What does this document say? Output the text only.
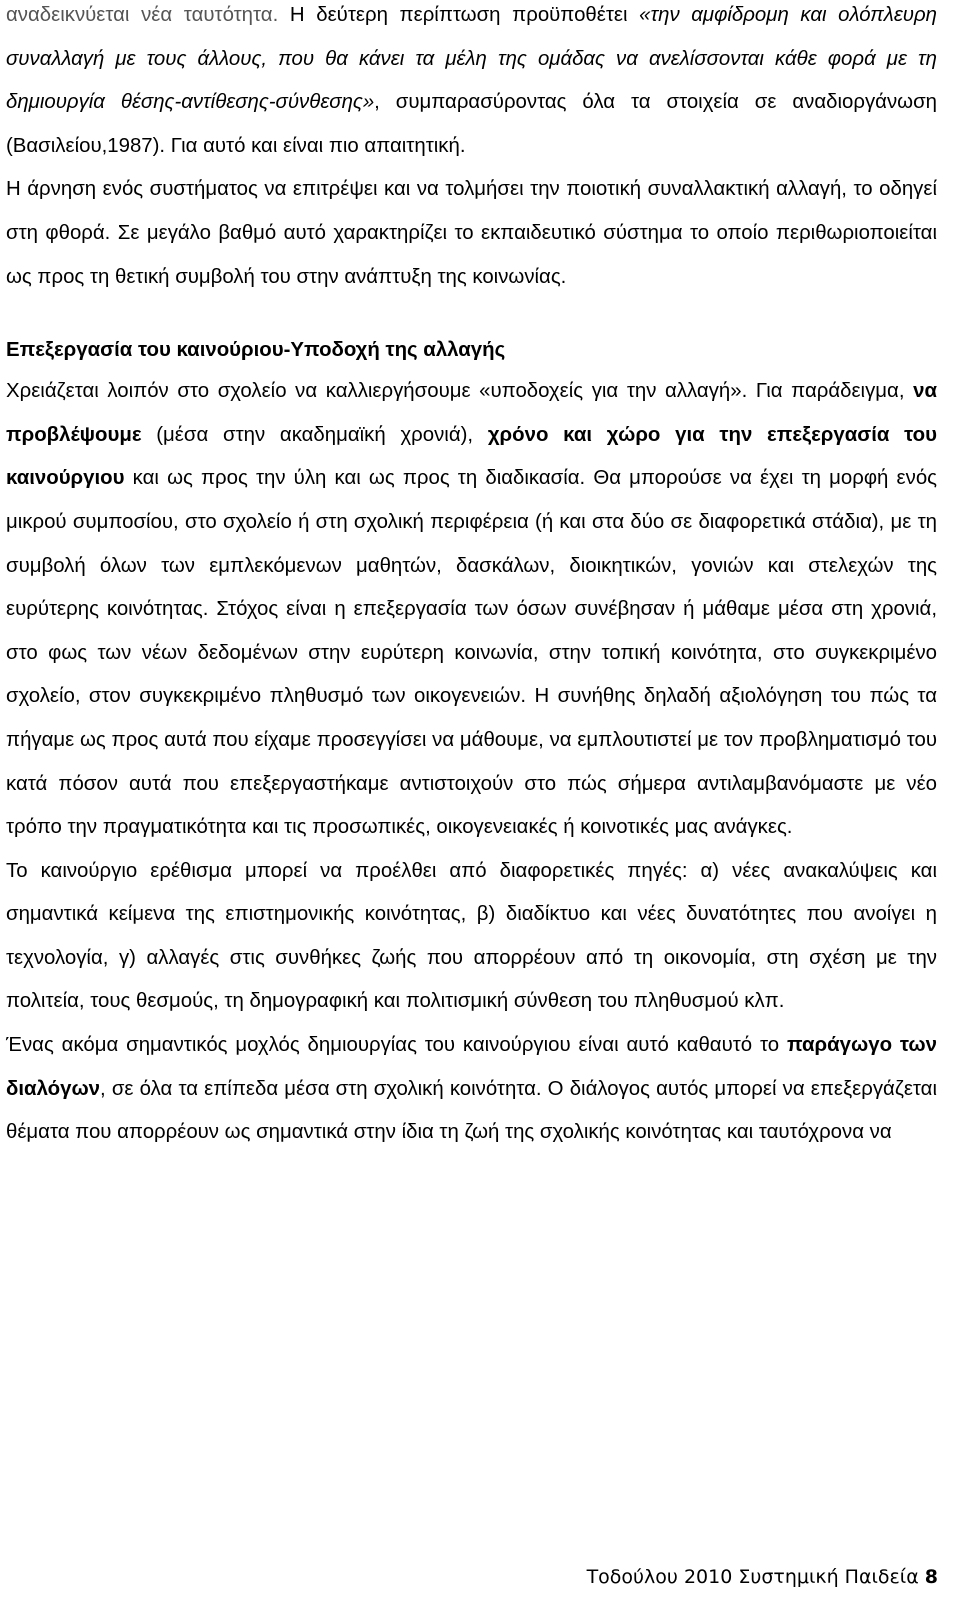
αναδεικνύεται νέα ταυτότητα. Η δεύτερη περίπτωση προϋποθέτει «την αμφίδρομη και ολόπλευρη συναλλαγή με τους άλλους, που θα κάνει τα μέλη της ομάδας να ανελίσσονται κάθε φορά με τη δημιουργία θέσης-αντίθεσης-σύνθεσης», συμπαρασύροντας όλα τα στοιχεία σε αναδιοργάνωση (Βασιλείου,1987). Για αυτό και είναι πιο απαιτητική.

Η άρνηση ενός συστήματος να επιτρέψει και να τολμήσει την ποιοτική συναλλακτική αλλαγή, το οδηγεί στη φθορά. Σε μεγάλο βαθμό αυτό χαρακτηρίζει το εκπαιδευτικό σύστημα το οποίο περιθωριοποιείται ως προς τη θετική συμβολή του στην ανάπτυξη της κοινωνίας.

Επεξεργασία του καινούριου-Υποδοχή της αλλαγής

Χρειάζεται λοιπόν στο σχολείο να καλλιεργήσουμε «υποδοχείς για την αλλαγή». Για παράδειγμα, να προβλέψουμε (μέσα στην ακαδημαϊκή χρονιά), χρόνο και χώρο για την επεξεργασία του καινούργιου και ως προς την ύλη και ως προς τη διαδικασία. Θα μπορούσε να έχει τη μορφή ενός μικρού συμποσίου, στο σχολείο ή στη σχολική περιφέρεια (ή και στα δύο σε διαφορετικά στάδια), με τη συμβολή όλων των εμπλεκόμενων μαθητών, δασκάλων, διοικητικών, γονιών και στελεχών της ευρύτερης κοινότητας. Στόχος είναι η επεξεργασία των όσων συνέβησαν ή μάθαμε μέσα στη χρονιά, στο φως των νέων δεδομένων στην ευρύτερη κοινωνία, στην τοπική κοινότητα, στο συγκεκριμένο σχολείο, στον συγκεκριμένο πληθυσμό των οικογενειών. Η συνήθης δηλαδή αξιολόγηση του πώς τα πήγαμε ως προς αυτά που είχαμε προσεγγίσει να μάθουμε, να εμπλουτιστεί με τον προβληματισμό του κατά πόσον αυτά που επεξεργαστήκαμε αντιστοιχούν στο πώς σήμερα αντιλαμβανόμαστε με νέο τρόπο την πραγματικότητα και τις προσωπικές, οικογενειακές ή κοινοτικές μας ανάγκες.

Το καινούργιο ερέθισμα μπορεί να προέλθει από διαφορετικές πηγές: α) νέες ανακαλύψεις και σημαντικά κείμενα της επιστημονικής κοινότητας, β) διαδίκτυο και νέες δυνατότητες που ανοίγει η τεχνολογία, γ) αλλαγές στις συνθήκες ζωής που απορρέουν από τη οικονομία, στη σχέση με την πολιτεία, τους θεσμούς, τη δημογραφική και πολιτισμική σύνθεση του πληθυσμού κλπ.

Ένας ακόμα σημαντικός μοχλός δημιουργίας του καινούργιου είναι αυτό καθαυτό το παράγωγο των διαλόγων, σε όλα τα επίπεδα μέσα στη σχολική κοινότητα. Ο διάλογος αυτός μπορεί να επεξεργάζεται θέματα που απορρέουν ως σημαντικά στην ίδια τη ζωή της σχολικής κοινότητας και ταυτόχρονα να

Τοδούλου 2010 Συστημική Παιδεία 8
